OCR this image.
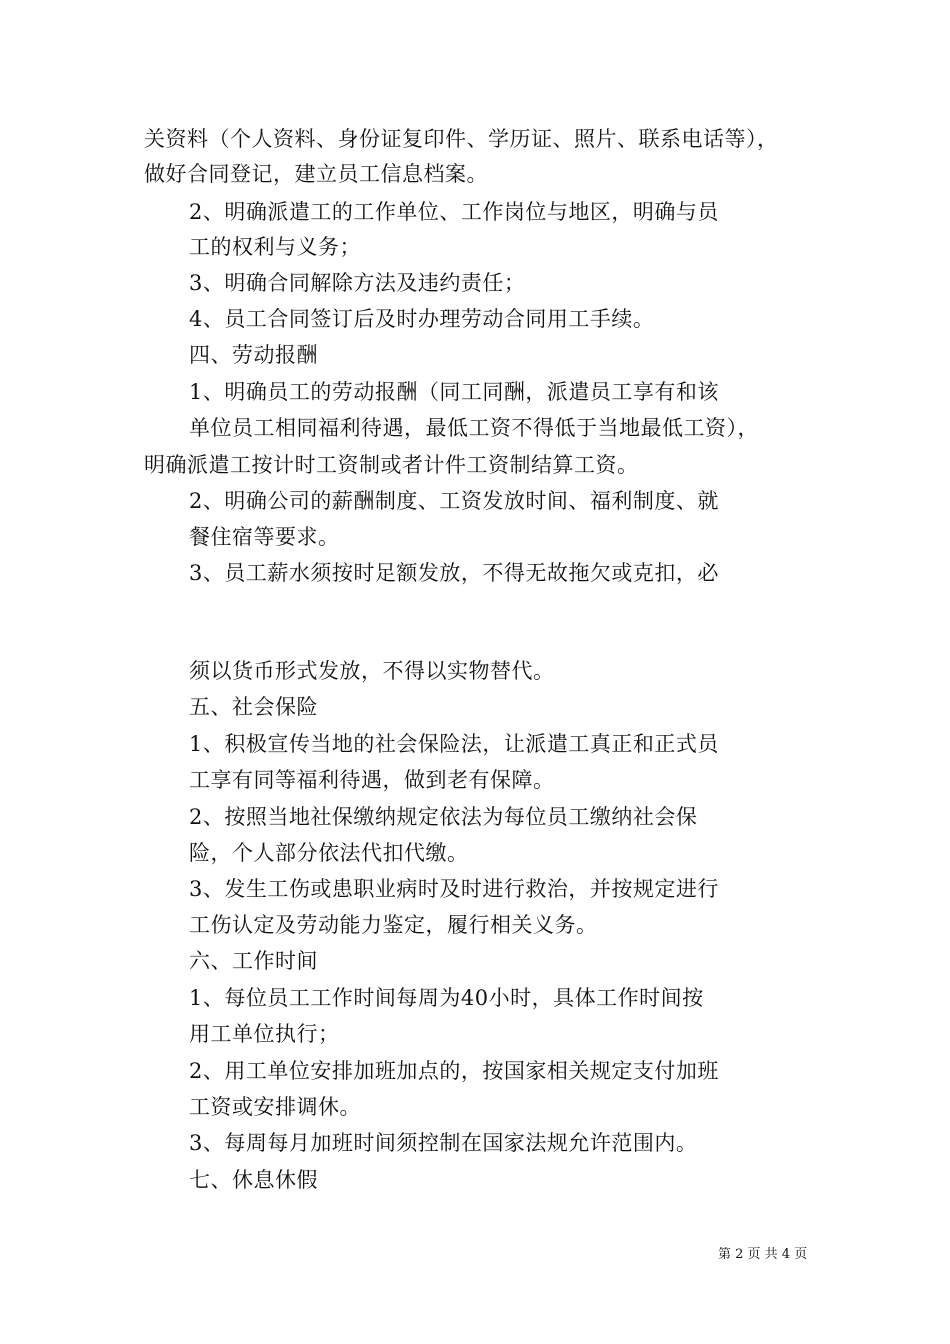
关资料（个人资料、身份证复印件、学历证、照片、联系电话等），
做好合同登记，建立员工信息档案。
2、明确派遣工的工作单位、工作岗位与地区，明确与员
工的权利与义务；
3、明确合同解除方法及违约责任；
4、员工合同签订后及时办理劳动合同用工手续。
四、劳动报酬
1、明确员工的劳动报酬（同工同酬，派遣员工享有和该
单位员工相同福利待遇，最低工资不得低于当地最低工资），
明确派遣工按计时工资制或者计件工资制结算工资。
2、明确公司的薪酬制度、工资发放时间、福利制度、就
餐住宿等要求。
3、员工薪水须按时足额发放，不得无故拖欠或克扣，必
须以货币形式发放，不得以实物替代。
五、社会保险
1、积极宣传当地的社会保险法，让派遣工真正和正式员
工享有同等福利待遇，做到老有保障。
2、按照当地社保缴纳规定依法为每位员工缴纳社会保
险，个人部分依法代扣代缴。
3、发生工伤或患职业病时及时进行救治，并按规定进行
工伤认定及劳动能力鉴定，履行相关义务。
六、工作时间
1、每位员工工作时间每周为40小时，具体工作时间按
用工单位执行；
2、用工单位安排加班加点的，按国家相关规定支付加班
工资或安排调休。
3、每周每月加班时间须控制在国家法规允许范围内。
七、休息休假
第 2 页 共 4 页
